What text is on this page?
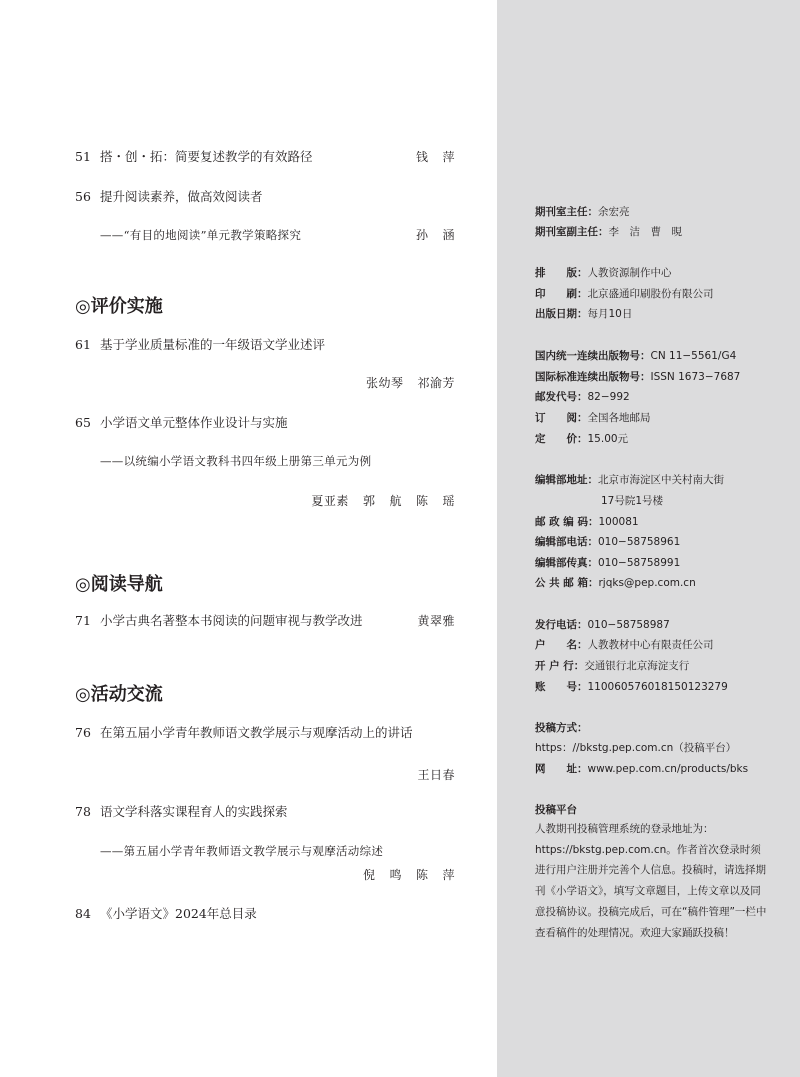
51 搭・创・拓：简要复述教学的有效路径	钱 萍
56 提升阅读素养，做高效阅读者
——“有目的地阅读”单元教学策略探究	孙 涵
◎评价实施
61 基于学业质量标准的一年级语文学业述评
张幼琴 祁渝芳
65 小学语文单元整体作业设计与实施
——以统编小学语文教科书四年级上册第三单元为例
夏亚素 郭 航 陈 瑶
◎阅读导航
71 小学古典名著整本书阅读的问题审视与教学改进	黄翠雅
◎活动交流
76 在第五届小学青年教师语文教学展示与观摩活动上的讲话
王日春
78 语文学科落实课程育人的实践探索
——第五届小学青年教师语文教学展示与观摩活动综述
倪 鸣 陈 萍
84 《小学语文》2024年总目录
期刊室主任：余宏亮
期刊室副主任：李　洁　曹　晛
排　　版：人教资源制作中心
印　　刷：北京盛通印刷股份有限公司
出版日期：每月10日
国内统一连续出版物号：CN 11−5561/G4
国际标准连续出版物号：ISSN 1673−7687
邮发代号：82−992
订　　阅：全国各地邮局
定　　价：15.00元
编辑部地址：北京市海淀区中关村南大街
17号院1号楼
邮 政 编 码：100081
编辑部电话：010−58758961
编辑部传真：010−58758991
公 共 邮 箱：rjqks@pep.com.cn
发行电话：010−58758987
户　　名：人教教材中心有限责任公司
开 户 行：交通银行北京海淀支行
账　　号：110060576018150123279
投稿方式：
https：//bkstg.pep.com.cn（投稿平台）
网　　址：www.pep.com.cn/products/bks
投稿平台
人教期刊投稿管理系统的登录地址为：https://bkstg.pep.com.cn。作者首次登录时须进行用户注册并完善个人信息。投稿时，请选择期刊《小学语文》，填写文章题目，上传文章以及同意投稿协议。投稿完成后，可在“稿件管理”一栏中查看稿件的处理情况。欢迎大家踊跃投稿！
